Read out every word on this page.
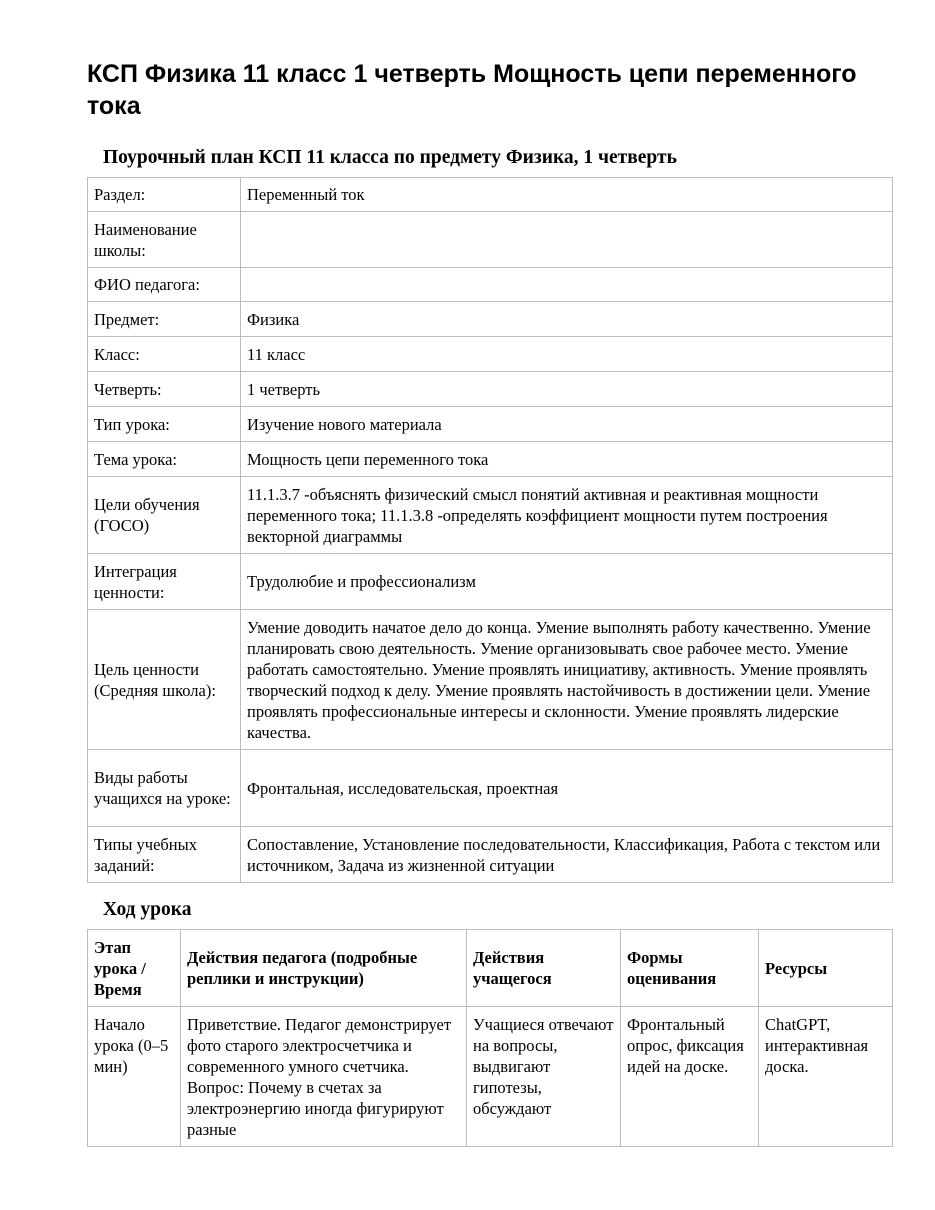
КСП Физика 11 класс 1 четверть Мощность цепи переменного тока
Поурочный план КСП 11 класса по предмету Физика, 1 четверть
Раздел:	Переменный ток
Наименование школы:	
ФИО педагога:	
Предмет:	Физика
Класс:	11 класс
Четверть:	1 четверть
Тип урока:	Изучение нового материала
Тема урока:	Мощность цепи переменного тока
Цели обучения (ГОСО)	11.1.3.7 -объяснять физический смысл понятий активная и реактивная мощности переменного тока; 11.1.3.8 -определять коэффициент мощности путем построения векторной диаграммы
Интеграция ценности:	Трудолюбие и профессионализм
Цель ценности (Средняя школа):	Умение доводить начатое дело до конца. Умение выполнять работу качественно. Умение планировать свою деятельность. Умение организовывать свое рабочее место. Умение работать самостоятельно. Умение проявлять инициативу, активность. Умение проявлять творческий подход к делу. Умение проявлять настойчивость в достижении цели. Умение проявлять профессиональные интересы и склонности. Умение проявлять лидерские качества.
Виды работы учащихся на уроке:	Фронтальная, исследовательская, проектная
Типы учебных заданий:	Сопоставление, Установление последовательности, Классификация, Работа с текстом или источником, Задача из жизненной ситуации
Ход урока
Этап урока / Время	Действия педагога (подробные реплики и инструкции)	Действия учащегося	Формы оценивания	Ресурсы
Начало урока (0–5 мин)	Приветствие. Педагог демонстрирует фото старого электросчетчика и современного умного счетчика. Вопрос: Почему в счетах за электроэнергию иногда фигурируют разные	Учащиеся отвечают на вопросы, выдвигают гипотезы, обсуждают	Фронтальный опрос, фиксация идей на доске.	ChatGPT, интерактивная доска.
